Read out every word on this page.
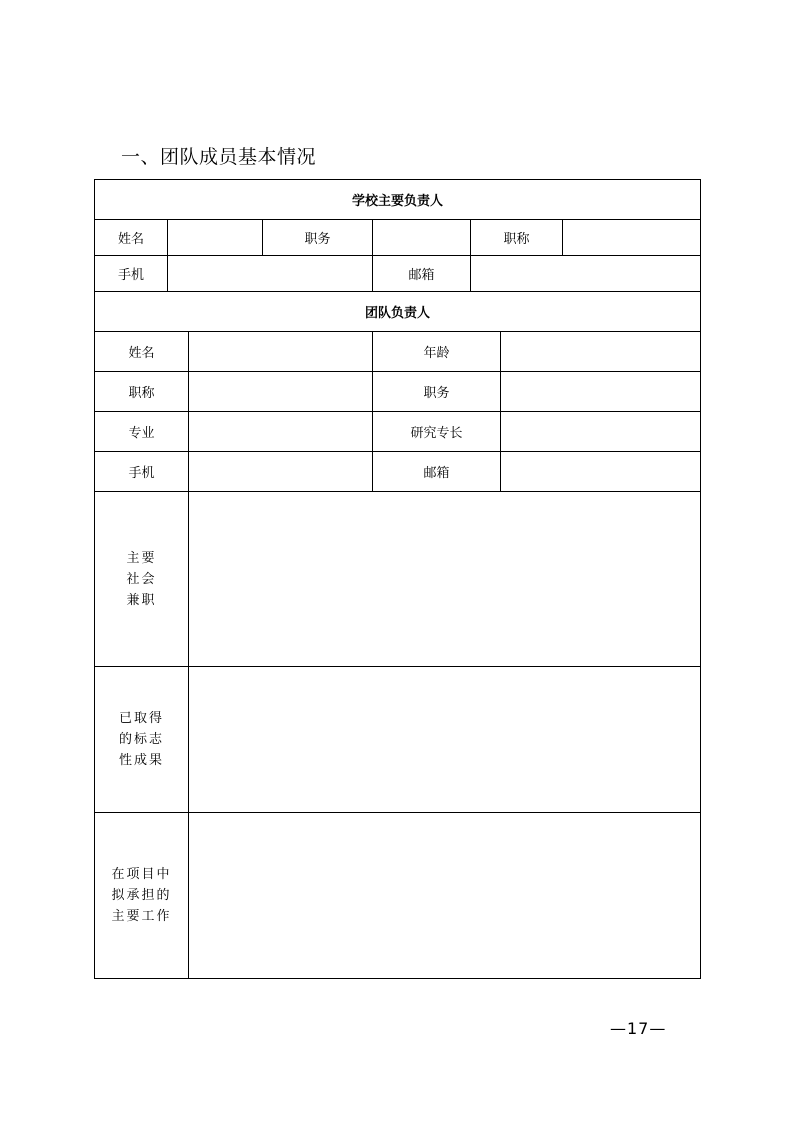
一、团队成员基本情况
学校主要负责人							
姓名			职务		职称		
手机				邮箱			
团队负责人							
姓名				年龄			
职称				职务			
专业				研究专长			
手机				邮箱			

主要
社会
兼职							

已取得
的标志
性成果							

在项目中
拟承担的
主要工作							

—17—
